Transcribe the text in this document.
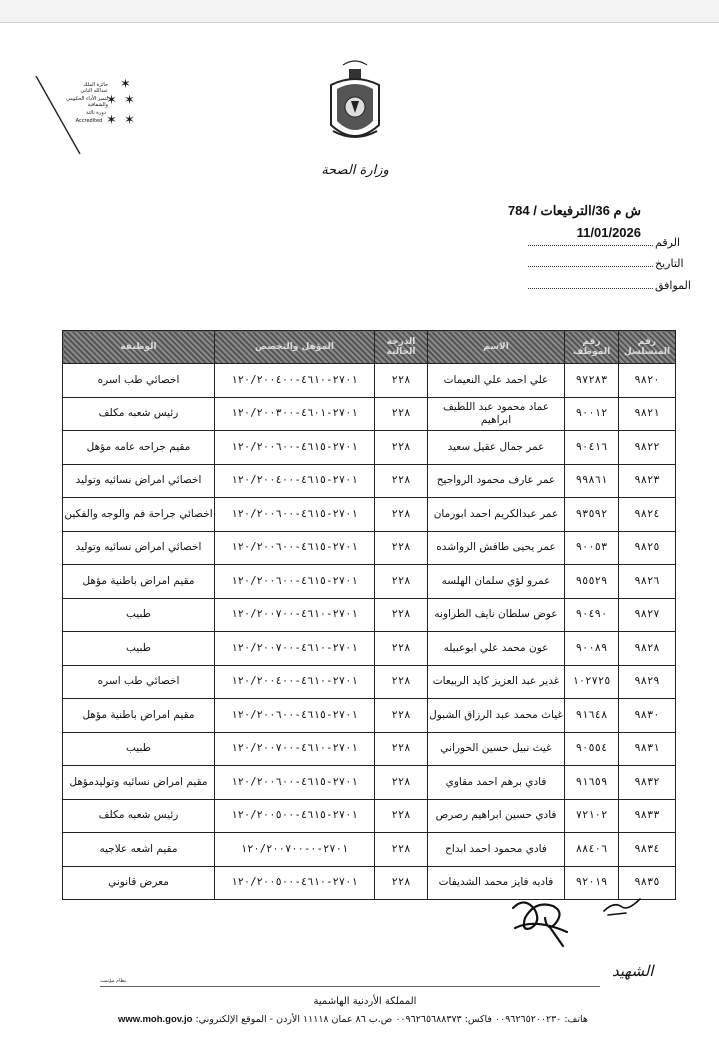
✶
✶ ✶
✶ ✶
جائزة الملك عبدالله الثاني
لتميز الأداء الحكومي والشفافية
دورة ثالثة
Accredited
وزارة الصحة
ش م 36/الترفيعات / 784
11/01/2026
الرقم
التاريخ
الموافق
رقم المتسلسل	رقم الموظف	الاسم	الدرجة الحالية	المؤهل والتخصص	الوظيفة
٩٨٢٠	٩٧٢٨٣	علي احمد علي النعيمات	٢٢٨	٢٧٠١-٤٦١٠-١٢٠/٢٠٠٤٠٠	اخصائي طب اسره
٩٨٢١	٩٠٠١٢	عماد محمود عبد اللطيف ابراهيم	٢٢٨	٢٧٠١-٤٦٠١-١٢٠/٢٠٠٣٠٠	رئيس شعبه مكلف
٩٨٢٢	٩٠٤١٦	عمر جمال عقيل سعيد	٢٢٨	٢٧٠١-٤٦١٥-١٢٠/٢٠٠٦٠٠	مقيم جراحه عامه مؤهل
٩٨٢٣	٩٩٨٦١	عمر عارف محمود الرواجيح	٢٢٨	٢٧٠١-٤٦١٥-١٢٠/٢٠٠٤٠٠	اخصائي امراض نسائيه وتوليد
٩٨٢٤	٩٣٥٩٢	عمر عبدالكريم احمد ابورمان	٢٢٨	٢٧٠١-٤٦١٥-١٢٠/٢٠٠٦٠٠	اخصائي جراحة فم والوجه والفكين
٩٨٢٥	٩٠٠٥٣	عمر يحيى طافش الرواشده	٢٢٨	٢٧٠١-٤٦١٥-١٢٠/٢٠٠٦٠٠	اخصائي امراض نسائيه وتوليد
٩٨٢٦	٩٥٥٢٩	عمرو لؤي سلمان الهلسه	٢٢٨	٢٧٠١-٤٦١٥-١٢٠/٢٠٠٦٠٠	مقيم امراض باطنية مؤهل
٩٨٢٧	٩٠٤٩٠	عوض سلطان نايف الطراونه	٢٢٨	٢٧٠١-٤٦١٠-١٢٠/٢٠٠٧٠٠	طبيب
٩٨٢٨	٩٠٠٨٩	عون محمد علي ابوعبيله	٢٢٨	٢٧٠١-٤٦١٠-١٢٠/٢٠٠٧٠٠	طبيب
٩٨٢٩	١٠٢٧٢٥	غدير عبد العزيز كايد الربيعات	٢٢٨	٢٧٠١-٤٦١٠-١٢٠/٢٠٠٤٠٠	اخصائي طب اسره
٩٨٣٠	٩١٦٤٨	غياث محمد عبد الرزاق الشبول	٢٢٨	٢٧٠١-٤٦١٥-١٢٠/٢٠٠٦٠٠	مقيم امراض باطنية مؤهل
٩٨٣١	٩٠٥٥٤	غيث نبيل حسين الحوراني	٢٢٨	٢٧٠١-٤٦١٠-١٢٠/٢٠٠٧٠٠	طبيب
٩٨٣٢	٩١٦٥٩	فادي برهم احمد مقاوي	٢٢٨	٢٧٠١-٤٦١٥-١٢٠/٢٠٠٦٠٠	مقيم امراض نسائيه وتوليدمؤهل
٩٨٣٣	٧٢١٠٢	فادي حسين ابراهيم رصرص	٢٢٨	٢٧٠١-٤٦١٥-١٢٠/٢٠٠٥٠٠	رئيس شعبه مكلف
٩٨٣٤	٨٨٤٠٦	فادي محمود احمد ابداح	٢٢٨	٢٧٠١-٠-١٢٠/٢٠٠٧٠٠	مقيم اشعه علاجيه
٩٨٣٥	٩٢٠١٩	فاديه فايز محمد الشديفات	٢٢٨	٢٧٠١-٤٦١٠-١٢٠/٢٠٠٥٠٠	معرض قانوني
الشهيد
نظام مؤتمت
المملكة الأردنية الهاشمية
www.moh.gov.jo هاتف: ٠٠٩٦٢٦٥٢٠٠٢٣٠ فاكس: ٠٠٩٦٢٦٥٦٨٨٣٧٣ ص.ب ٨٦ عمان ١١١١٨ الأردن - الموقع الإلكتروني:
